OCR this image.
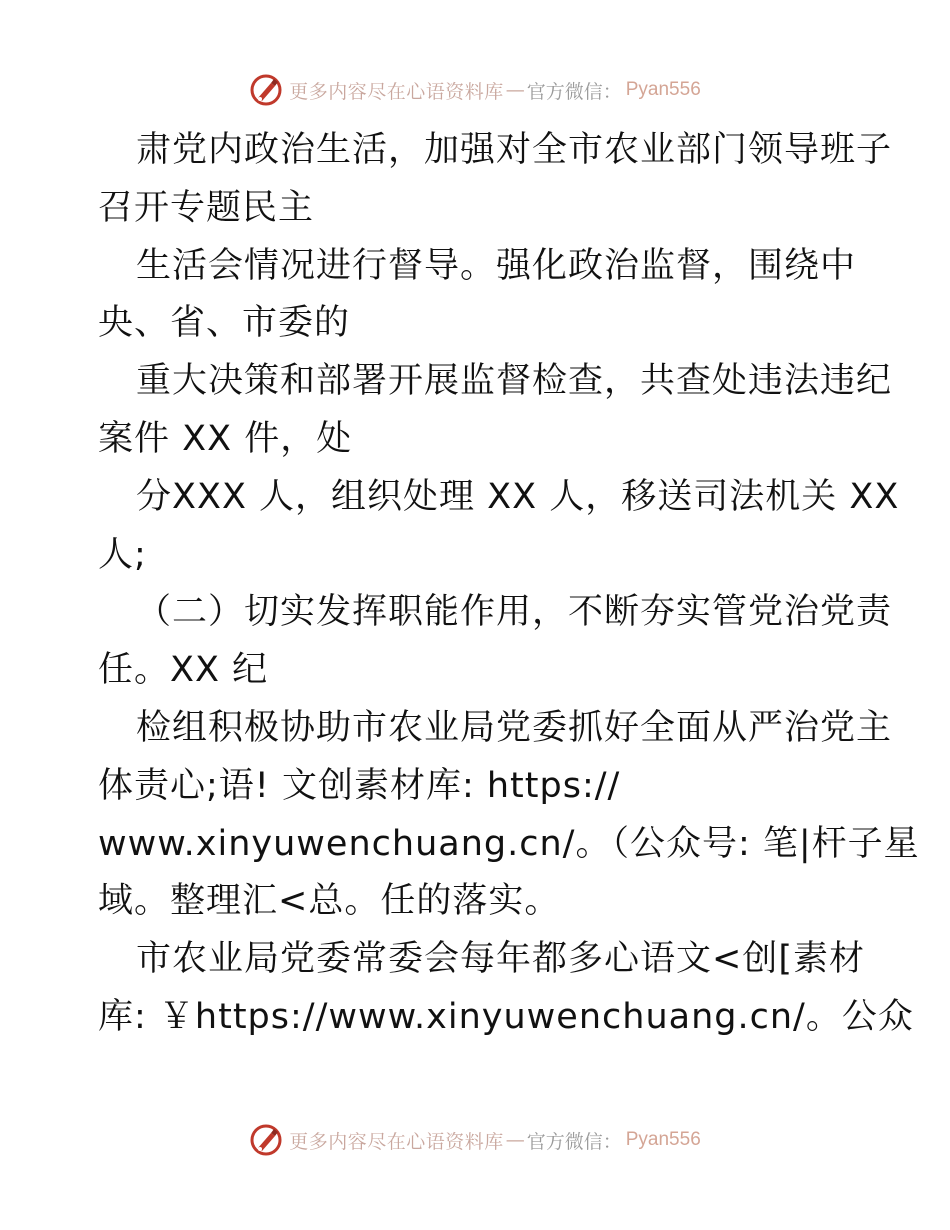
更多内容尽在心语资料库 — 官方微信： Pyan556
肃党内政治生活，加强对全市农业部门领导班子
召开专题民主
生活会情况进行督导。强化政治监督，围绕中
央、省、市委的
重大决策和部署开展监督检查，共查处违法违纪
案件 XX 件，处
分XXX 人，组织处理 XX 人，移送司法机关 XX
人;
（二）切实发挥职能作用，不断夯实管党治党责
任。XX 纪
检组积极协助市农业局党委抓好全面从严治党主
体责心;语! 文创素材库: https://
www.xinyuwenchuang.cn/。（公众号: 笔|杆子星
域。整理汇<总。任的落实。
市农业局党委常委会每年都多心语文<创[素材
库: ￥https://www.xinyuwenchuang.cn/。公众
更多内容尽在心语资料库 — 官方微信： Pyan556
